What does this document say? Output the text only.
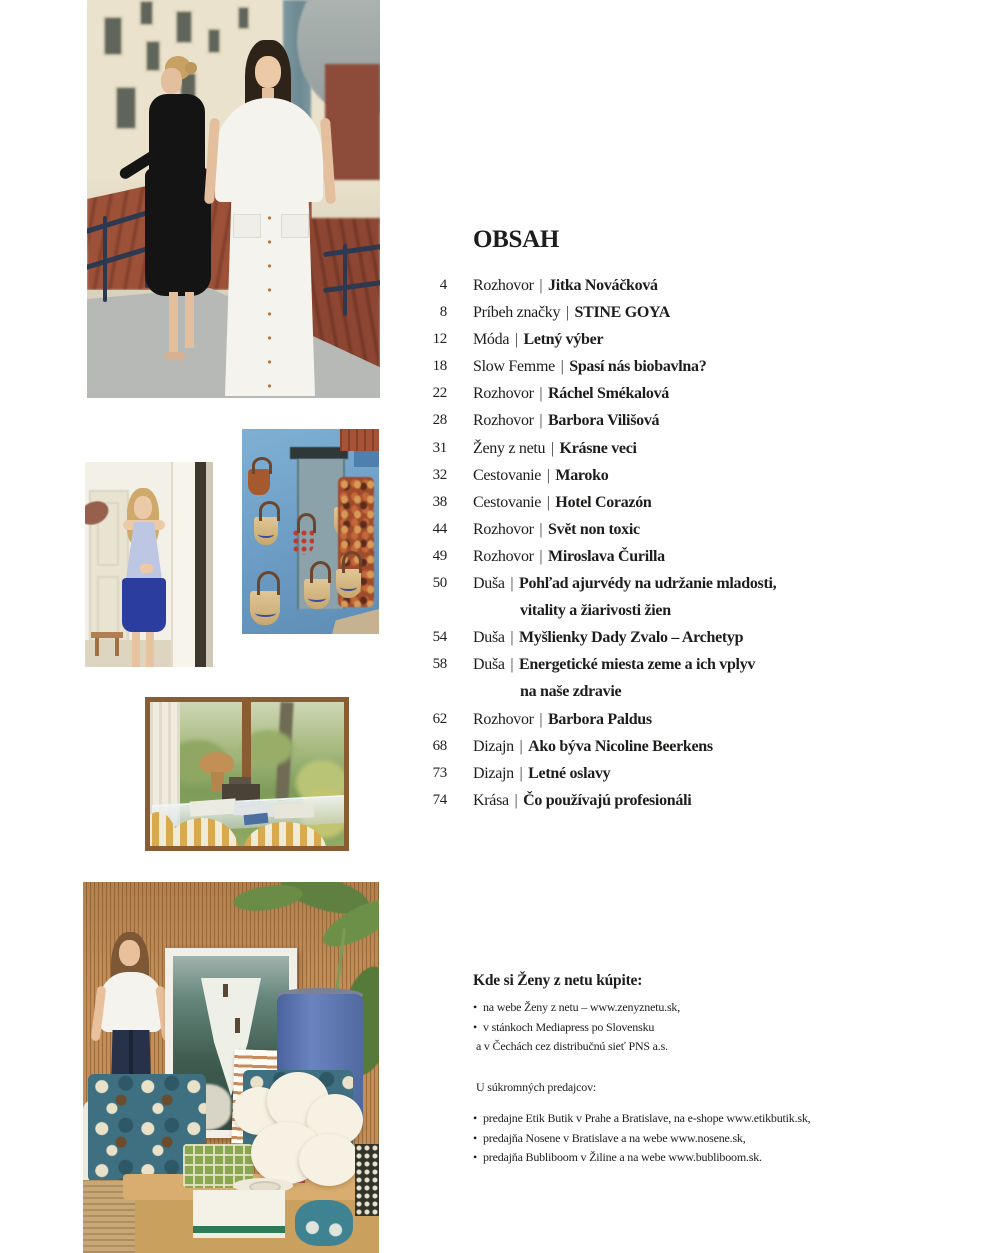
OBSAH
4 Rozhovor | Jitka Nováčková
8 Príbeh značky | STINE GOYA
12 Móda | Letný výber
18 Slow Femme | Spasí nás biobavlna?
22 Rozhovor | Ráchel Smékalová
28 Rozhovor | Barbora Vilišová
31 Ženy z netu | Krásne veci
32 Cestovanie | Maroko
38 Cestovanie | Hotel Corazón
44 Rozhovor | Svět non toxic
49 Rozhovor | Miroslava Čurilla
50 Duša | Pohľad ajurvédy na udržanie mladosti,
vitality a žiarivosti žien
54 Duša | Myšlienky Dady Zvalo – Archetyp
58 Duša | Energetické miesta zeme a ich vplyv
na naše zdravie
62 Rozhovor | Barbora Paldus
68 Dizajn | Ako býva Nicoline Beerkens
73 Dizajn | Letné oslavy
74 Krása | Čo používajú profesionáli

Kde si Ženy z netu kúpite:

• na webe Ženy z netu – www.zenyznetu.sk,
• v stánkoch Mediapress po Slovensku
a v Čechách cez distribučnú sieť PNS a.s.

U súkromných predajcov:

• predajne Etik Butik v Prahe a Bratislave, na e-shope www.etikbutik.sk,
• predajňa Nosene v Bratislave a na webe www.nosene.sk,
• predajňa Bubliboom v Žiline a na webe www.bubliboom.sk.
